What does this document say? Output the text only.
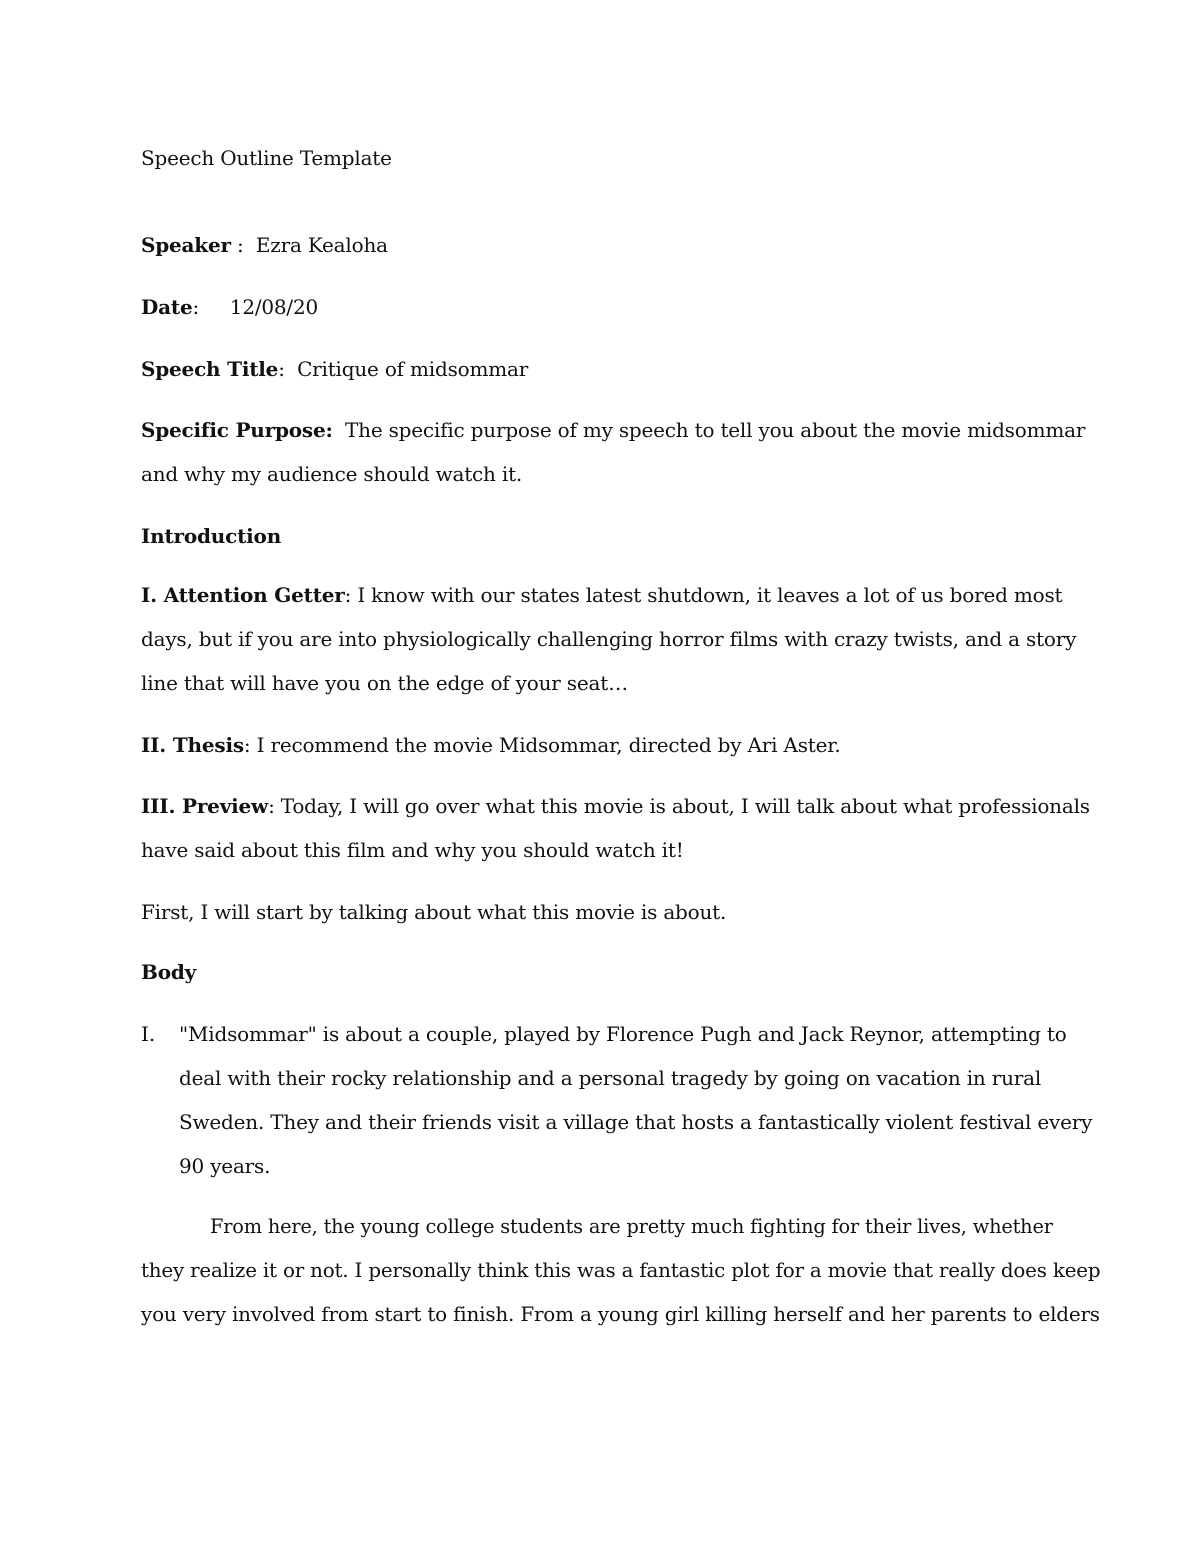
Speech Outline Template
Speaker :  Ezra Kealoha
Date:     12/08/20
Speech Title:  Critique of midsommar
Specific Purpose:  The specific purpose of my speech to tell you about the movie midsommar
and why my audience should watch it.
Introduction
I. Attention Getter: I know with our states latest shutdown, it leaves a lot of us bored most
days, but if you are into physiologically challenging horror films with crazy twists, and a story
line that will have you on the edge of your seat…
II. Thesis: I recommend the movie Midsommar, directed by Ari Aster.
III. Preview: Today, I will go over what this movie is about, I will talk about what professionals
have said about this film and why you should watch it!
First, I will start by talking about what this movie is about.
Body
I. "Midsommar" is about a couple, played by Florence Pugh and Jack Reynor, attempting to
deal with their rocky relationship and a personal tragedy by going on vacation in rural
Sweden. They and their friends visit a village that hosts a fantastically violent festival every
90 years.
From here, the young college students are pretty much fighting for their lives, whether
they realize it or not. I personally think this was a fantastic plot for a movie that really does keep
you very involved from start to finish. From a young girl killing herself and her parents to elders
